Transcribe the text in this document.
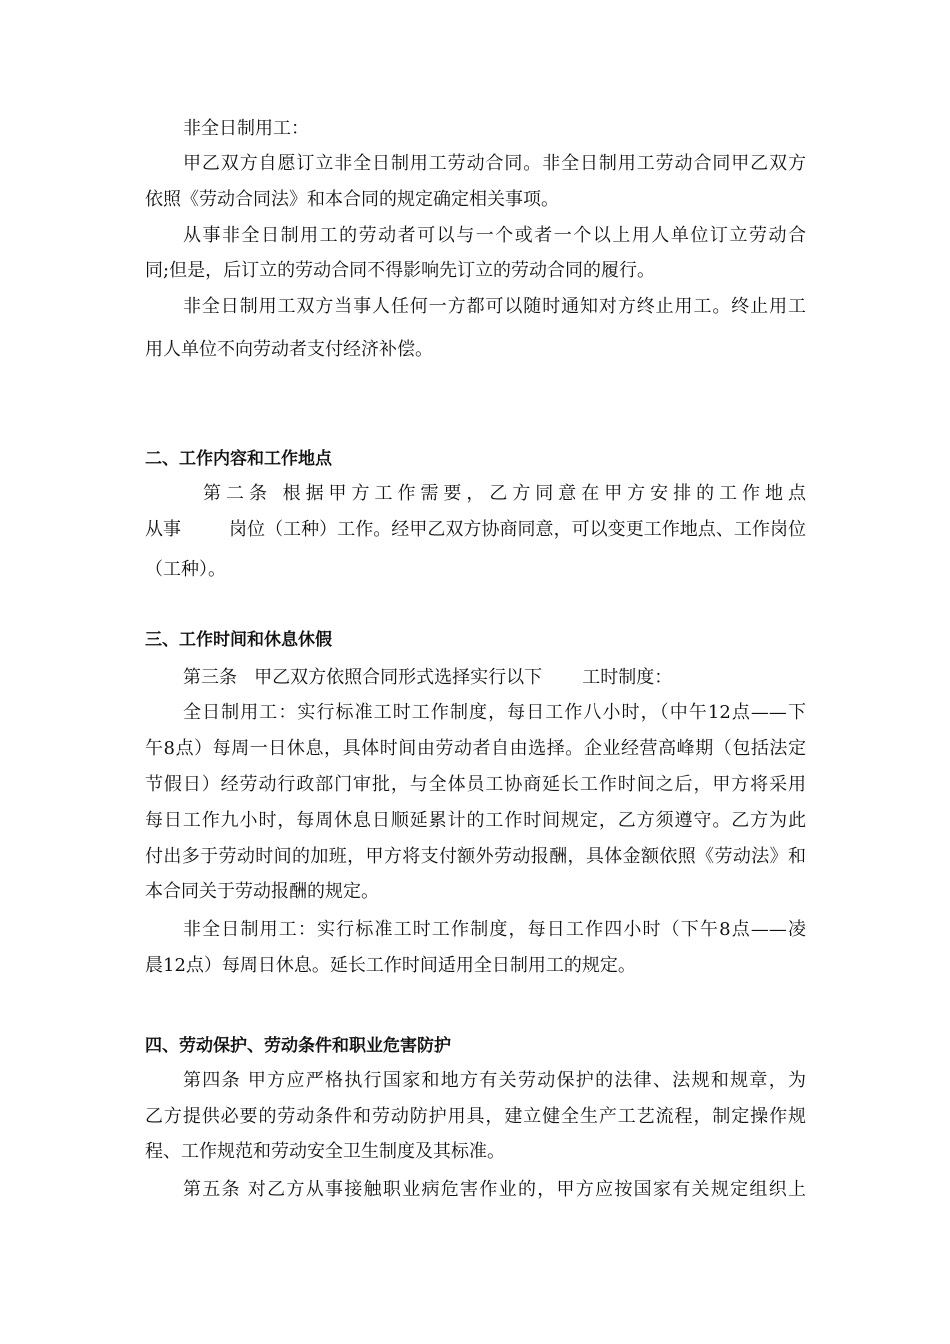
非全日制用工：
甲乙双方自愿订立非全日制用工劳动合同。非全日制用工劳动合同甲乙双方
依照《劳动合同法》和本合同的规定确定相关事项。
从事非全日制用工的劳动者可以与一个或者一个以上用人单位订立劳动合
同;但是，后订立的劳动合同不得影响先订立的劳动合同的履行。
非全日制用工双方当事人任何一方都可以随时通知对方终止用工。终止用工
用人单位不向劳动者支付经济补偿。
二、工作内容和工作地点
第二条 根据甲方工作需要，乙方同意在甲方安排的工作地点
从事	岗位（工种）工作。经甲乙双方协商同意，可以变更工作地点、工作岗位
（工种）。
三、工作时间和休息休假
第三条   甲乙双方依照合同形式选择实行以下       工时制度：
全日制用工：实行标准工时工作制度，每日工作八小时，（中午12点——下
午8点）每周一日休息，具体时间由劳动者自由选择。企业经营高峰期（包括法定
节假日）经劳动行政部门审批，与全体员工协商延长工作时间之后，甲方将采用
每日工作九小时，每周休息日顺延累计的工作时间规定，乙方须遵守。乙方为此
付出多于劳动时间的加班，甲方将支付额外劳动报酬，具体金额依照《劳动法》和
本合同关于劳动报酬的规定。
非全日制用工：实行标准工时工作制度，每日工作四小时（下午8点——凌
晨12点）每周日休息。延长工作时间适用全日制用工的规定。
四、劳动保护、劳动条件和职业危害防护
第四条 甲方应严格执行国家和地方有关劳动保护的法律、法规和规章，为
乙方提供必要的劳动条件和劳动防护用具，建立健全生产工艺流程，制定操作规
程、工作规范和劳动安全卫生制度及其标准。
第五条 对乙方从事接触职业病危害作业的，甲方应按国家有关规定组织上
